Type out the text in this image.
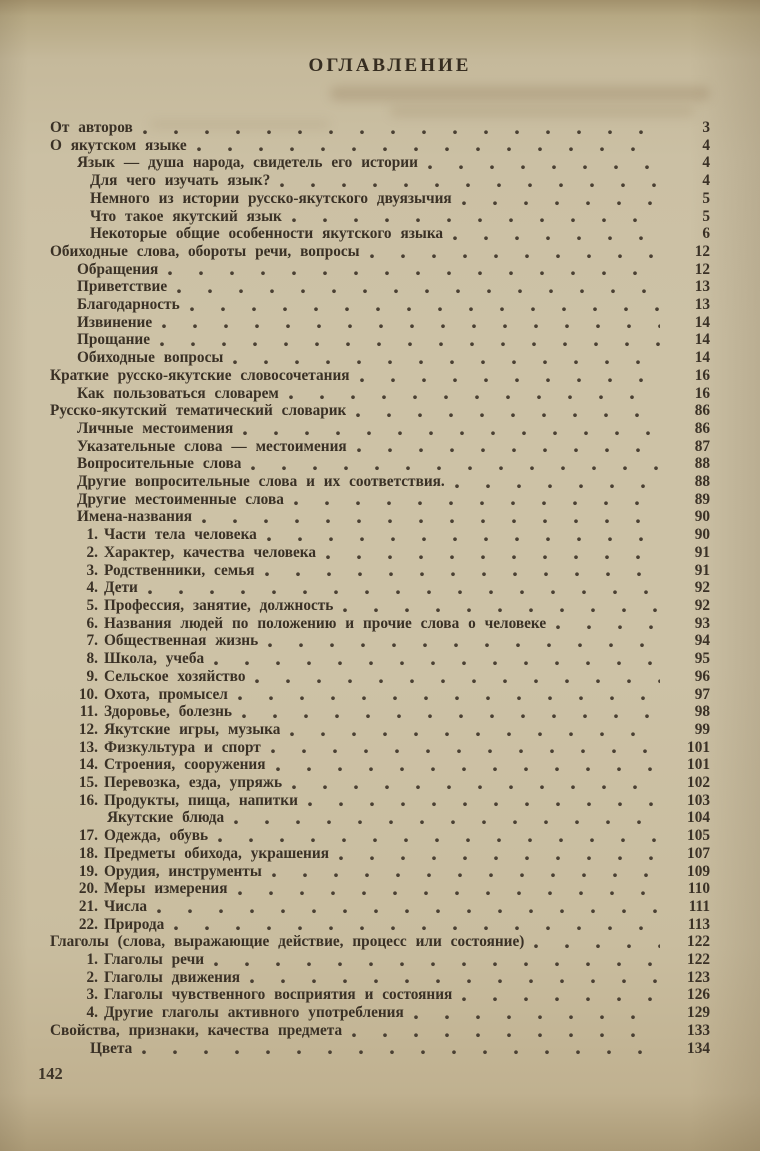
ОГЛАВЛЕНИЕ
От авторов	3
О якутском языке	4
Язык — душа народа, свидетель его истории	4
Для чего изучать язык?	4
Немного из истории русско-якутского двуязычия	5
Что такое якутский язык	5
Некоторые общие особенности якутского языка	6
Обиходные слова, обороты речи, вопросы	12
Обращения	12
Приветствие	13
Благодарность	13
Извинение	14
Прощание	14
Обиходные вопросы	14
Краткие русско-якутские словосочетания	16
Как пользоваться словарем	16
Русско-якутский тематический словарик	86
Личные местоимения	86
Указательные слова — местоимения	87
Вопросительные слова	88
Другие вопросительные слова и их соответствия.	88
Другие местоименные слова	89
Имена-названия	90
1. Части тела человека	90
2. Характер, качества человека	91
3. Родственники, семья	91
4. Дети	92
5. Профессия, занятие, должность	92
6. Названия людей по положению и прочие слова о человеке	93
7. Общественная жизнь	94
8. Школа, учеба	95
9. Сельское хозяйство	96
10. Охота, промысел	97
11. Здоровье, болезнь	98
12. Якутские игры, музыка	99
13. Физкультура и спорт	101
14. Строения, сооружения	101
15. Перевозка, езда, упряжь	102
16. Продукты, пища, напитки	103
Якутские блюда	104
17. Одежда, обувь	105
18. Предметы обихода, украшения	107
19. Орудия, инструменты	109
20. Меры измерения	110
21. Числа	111
22. Природа	113
Глаголы (слова, выражающие действие, процесс или состояние)	122
1. Глаголы речи	122
2. Глаголы движения	123
3. Глаголы чувственного восприятия и состояния	126
4. Другие глаголы активного употребления	129
Свойства, признаки, качества предмета	133
Цвета	134
142
